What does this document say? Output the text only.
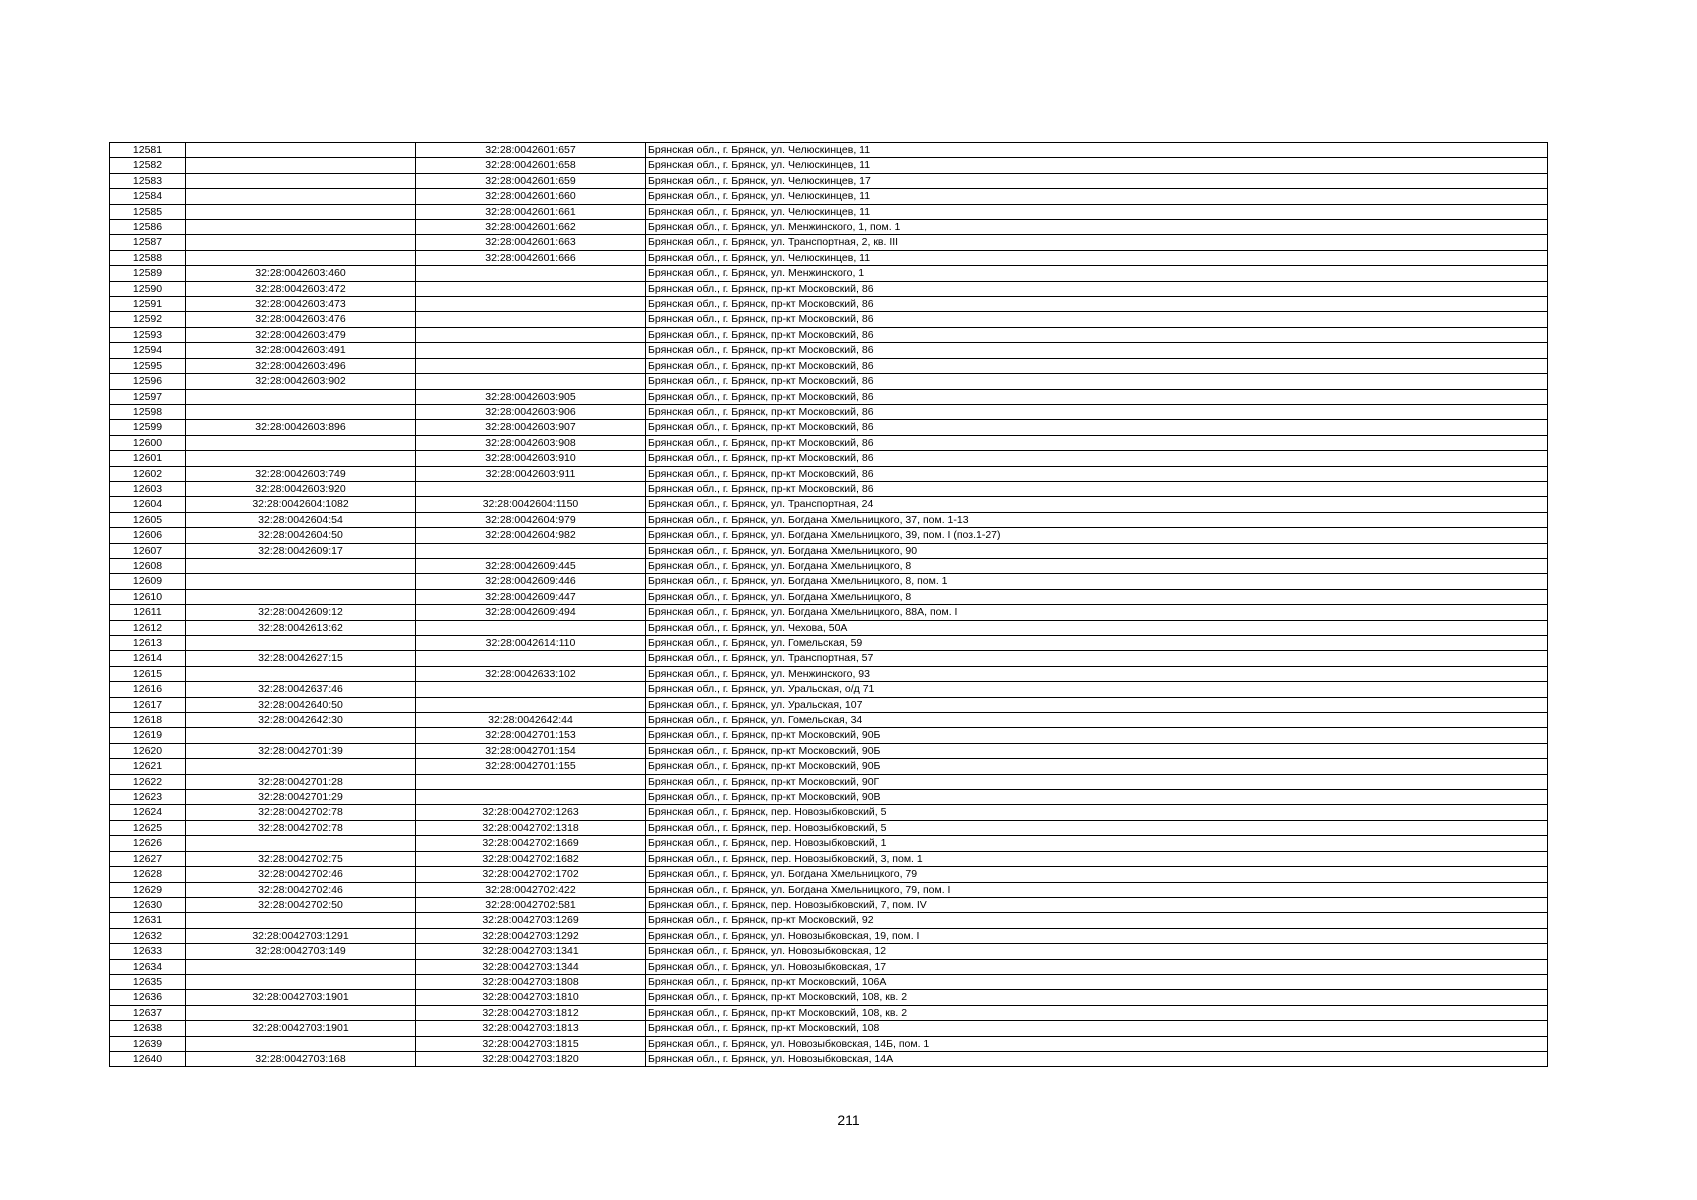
12581		32:28:0042601:657	Брянская обл., г. Брянск, ул. Челюскинцев, 11
12582		32:28:0042601:658	Брянская обл., г. Брянск, ул. Челюскинцев, 11
12583		32:28:0042601:659	Брянская обл., г. Брянск, ул. Челюскинцев, 17
12584		32:28:0042601:660	Брянская обл., г. Брянск, ул. Челюскинцев, 11
12585		32:28:0042601:661	Брянская обл., г. Брянск, ул. Челюскинцев, 11
12586		32:28:0042601:662	Брянская обл., г. Брянск, ул. Менжинского, 1, пом. 1
12587		32:28:0042601:663	Брянская обл., г. Брянск, ул. Транспортная, 2, кв. III
12588		32:28:0042601:666	Брянская обл., г. Брянск, ул. Челюскинцев, 11
12589	32:28:0042603:460		Брянская обл., г. Брянск, ул. Менжинского, 1
12590	32:28:0042603:472		Брянская обл., г. Брянск, пр-кт Московский, 86
12591	32:28:0042603:473		Брянская обл., г. Брянск, пр-кт Московский, 86
12592	32:28:0042603:476		Брянская обл., г. Брянск, пр-кт Московский, 86
12593	32:28:0042603:479		Брянская обл., г. Брянск, пр-кт Московский, 86
12594	32:28:0042603:491		Брянская обл., г. Брянск, пр-кт Московский, 86
12595	32:28:0042603:496		Брянская обл., г. Брянск, пр-кт Московский, 86
12596	32:28:0042603:902		Брянская обл., г. Брянск, пр-кт Московский, 86
12597		32:28:0042603:905	Брянская обл., г. Брянск, пр-кт Московский, 86
12598		32:28:0042603:906	Брянская обл., г. Брянск, пр-кт Московский, 86
12599	32:28:0042603:896	32:28:0042603:907	Брянская обл., г. Брянск, пр-кт Московский, 86
12600		32:28:0042603:908	Брянская обл., г. Брянск, пр-кт Московский, 86
12601		32:28:0042603:910	Брянская обл., г. Брянск, пр-кт Московский, 86
12602	32:28:0042603:749	32:28:0042603:911	Брянская обл., г. Брянск, пр-кт Московский, 86
12603	32:28:0042603:920		Брянская обл., г. Брянск, пр-кт Московский, 86
12604	32:28:0042604:1082	32:28:0042604:1150	Брянская обл., г. Брянск, ул. Транспортная, 24
12605	32:28:0042604:54	32:28:0042604:979	Брянская обл., г. Брянск, ул. Богдана Хмельницкого, 37, пом. 1-13
12606	32:28:0042604:50	32:28:0042604:982	Брянская обл., г. Брянск, ул. Богдана Хмельницкого, 39, пом. I (поз.1-27)
12607	32:28:0042609:17		Брянская обл., г. Брянск, ул. Богдана Хмельницкого, 90
12608		32:28:0042609:445	Брянская обл., г. Брянск, ул. Богдана Хмельницкого, 8
12609		32:28:0042609:446	Брянская обл., г. Брянск, ул. Богдана Хмельницкого, 8, пом. 1
12610		32:28:0042609:447	Брянская обл., г. Брянск, ул. Богдана Хмельницкого, 8
12611	32:28:0042609:12	32:28:0042609:494	Брянская обл., г. Брянск, ул. Богдана Хмельницкого, 88А, пом. I
12612	32:28:0042613:62		Брянская обл., г. Брянск, ул. Чехова, 50А
12613		32:28:0042614:110	Брянская обл., г. Брянск, ул. Гомельская, 59
12614	32:28:0042627:15		Брянская обл., г. Брянск, ул. Транспортная, 57
12615		32:28:0042633:102	Брянская обл., г. Брянск, ул. Менжинского, 93
12616	32:28:0042637:46		Брянская обл., г. Брянск, ул. Уральская, о/д 71
12617	32:28:0042640:50		Брянская обл., г. Брянск, ул. Уральская, 107
12618	32:28:0042642:30	32:28:0042642:44	Брянская обл., г. Брянск, ул. Гомельская, 34
12619		32:28:0042701:153	Брянская обл., г. Брянск, пр-кт Московский, 90Б
12620	32:28:0042701:39	32:28:0042701:154	Брянская обл., г. Брянск, пр-кт Московский, 90Б
12621		32:28:0042701:155	Брянская обл., г. Брянск, пр-кт Московский, 90Б
12622	32:28:0042701:28		Брянская обл., г. Брянск, пр-кт Московский, 90Г
12623	32:28:0042701:29		Брянская обл., г. Брянск, пр-кт Московский, 90В
12624	32:28:0042702:78	32:28:0042702:1263	Брянская обл., г. Брянск, пер. Новозыбковский, 5
12625	32:28:0042702:78	32:28:0042702:1318	Брянская обл., г. Брянск, пер. Новозыбковский, 5
12626		32:28:0042702:1669	Брянская обл., г. Брянск, пер. Новозыбковский, 1
12627	32:28:0042702:75	32:28:0042702:1682	Брянская обл., г. Брянск, пер. Новозыбковский, 3, пом. 1
12628	32:28:0042702:46	32:28:0042702:1702	Брянская обл., г. Брянск, ул. Богдана Хмельницкого, 79
12629	32:28:0042702:46	32:28:0042702:422	Брянская обл., г. Брянск, ул. Богдана Хмельницкого, 79, пом. I
12630	32:28:0042702:50	32:28:0042702:581	Брянская обл., г. Брянск, пер. Новозыбковский, 7, пом. IV
12631		32:28:0042703:1269	Брянская обл., г. Брянск, пр-кт Московский, 92
12632	32:28:0042703:1291	32:28:0042703:1292	Брянская обл., г. Брянск, ул. Новозыбковская, 19, пом. I
12633	32:28:0042703:149	32:28:0042703:1341	Брянская обл., г. Брянск, ул. Новозыбковская, 12
12634		32:28:0042703:1344	Брянская обл., г. Брянск, ул. Новозыбковская, 17
12635		32:28:0042703:1808	Брянская обл., г. Брянск, пр-кт Московский, 106А
12636	32:28:0042703:1901	32:28:0042703:1810	Брянская обл., г. Брянск, пр-кт Московский, 108, кв. 2
12637		32:28:0042703:1812	Брянская обл., г. Брянск, пр-кт Московский, 108, кв. 2
12638	32:28:0042703:1901	32:28:0042703:1813	Брянская обл., г. Брянск, пр-кт Московский, 108
12639		32:28:0042703:1815	Брянская обл., г. Брянск, ул. Новозыбковская, 14Б, пом. 1
12640	32:28:0042703:168	32:28:0042703:1820	Брянская обл., г. Брянск, ул. Новозыбковская, 14А
211
